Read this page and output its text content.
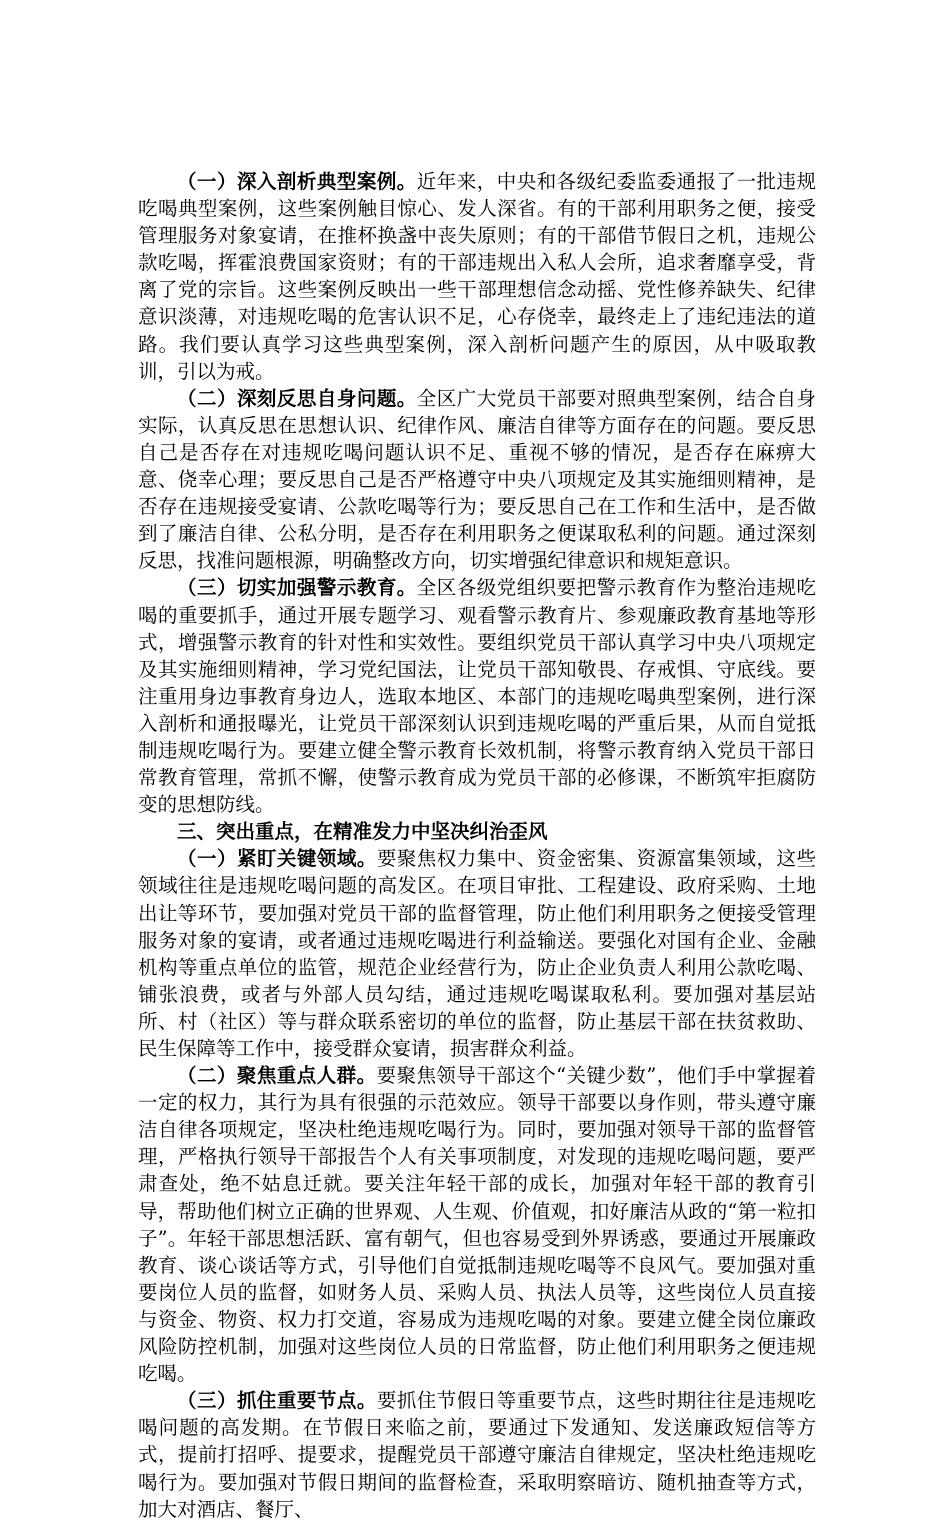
（一）深入剖析典型案例。近年来，中央和各级纪委监委通报了一批违规吃喝典型案例，这些案例触目惊心、发人深省。有的干部利用职务之便，接受管理服务对象宴请，在推杯换盏中丧失原则；有的干部借节假日之机，违规公款吃喝，挥霍浪费国家资财；有的干部违规出入私人会所，追求奢靡享受，背离了党的宗旨。这些案例反映出一些干部理想信念动摇、党性修养缺失、纪律意识淡薄，对违规吃喝的危害认识不足，心存侥幸，最终走上了违纪违法的道路。我们要认真学习这些典型案例，深入剖析问题产生的原因，从中吸取教训，引以为戒。

（二）深刻反思自身问题。全区广大党员干部要对照典型案例，结合自身实际，认真反思在思想认识、纪律作风、廉洁自律等方面存在的问题。要反思自己是否存在对违规吃喝问题认识不足、重视不够的情况，是否存在麻痹大意、侥幸心理；要反思自己是否严格遵守中央八项规定及其实施细则精神，是否存在违规接受宴请、公款吃喝等行为；要反思自己在工作和生活中，是否做到了廉洁自律、公私分明，是否存在利用职务之便谋取私利的问题。通过深刻反思，找准问题根源，明确整改方向，切实增强纪律意识和规矩意识。

（三）切实加强警示教育。全区各级党组织要把警示教育作为整治违规吃喝的重要抓手，通过开展专题学习、观看警示教育片、参观廉政教育基地等形式，增强警示教育的针对性和实效性。要组织党员干部认真学习中央八项规定及其实施细则精神，学习党纪国法，让党员干部知敬畏、存戒惧、守底线。要注重用身边事教育身边人，选取本地区、本部门的违规吃喝典型案例，进行深入剖析和通报曝光，让党员干部深刻认识到违规吃喝的严重后果，从而自觉抵制违规吃喝行为。要建立健全警示教育长效机制，将警示教育纳入党员干部日常教育管理，常抓不懈，使警示教育成为党员干部的必修课，不断筑牢拒腐防变的思想防线。

三、突出重点，在精准发力中坚决纠治歪风

（一）紧盯关键领域。要聚焦权力集中、资金密集、资源富集领域，这些领域往往是违规吃喝问题的高发区。在项目审批、工程建设、政府采购、土地出让等环节，要加强对党员干部的监督管理，防止他们利用职务之便接受管理服务对象的宴请，或者通过违规吃喝进行利益输送。要强化对国有企业、金融机构等重点单位的监管，规范企业经营行为，防止企业负责人利用公款吃喝、铺张浪费，或者与外部人员勾结，通过违规吃喝谋取私利。要加强对基层站所、村（社区）等与群众联系密切的单位的监督，防止基层干部在扶贫救助、民生保障等工作中，接受群众宴请，损害群众利益。

（二）聚焦重点人群。要聚焦领导干部这个“关键少数”，他们手中掌握着一定的权力，其行为具有很强的示范效应。领导干部要以身作则，带头遵守廉洁自律各项规定，坚决杜绝违规吃喝行为。同时，要加强对领导干部的监督管理，严格执行领导干部报告个人有关事项制度，对发现的违规吃喝问题，要严肃查处，绝不姑息迁就。要关注年轻干部的成长，加强对年轻干部的教育引导，帮助他们树立正确的世界观、人生观、价值观，扣好廉洁从政的“第一粒扣子”。年轻干部思想活跃、富有朝气，但也容易受到外界诱惑，要通过开展廉政教育、谈心谈话等方式，引导他们自觉抵制违规吃喝等不良风气。要加强对重要岗位人员的监督，如财务人员、采购人员、执法人员等，这些岗位人员直接与资金、物资、权力打交道，容易成为违规吃喝的对象。要建立健全岗位廉政风险防控机制，加强对这些岗位人员的日常监督，防止他们利用职务之便违规吃喝。

（三）抓住重要节点。要抓住节假日等重要节点，这些时期往往是违规吃喝问题的高发期。在节假日来临之前，要通过下发通知、发送廉政短信等方式，提前打招呼、提要求，提醒党员干部遵守廉洁自律规定，坚决杜绝违规吃喝行为。要加强对节假日期间的监督检查，采取明察暗访、随机抽查等方式，加大对酒店、餐厅、
